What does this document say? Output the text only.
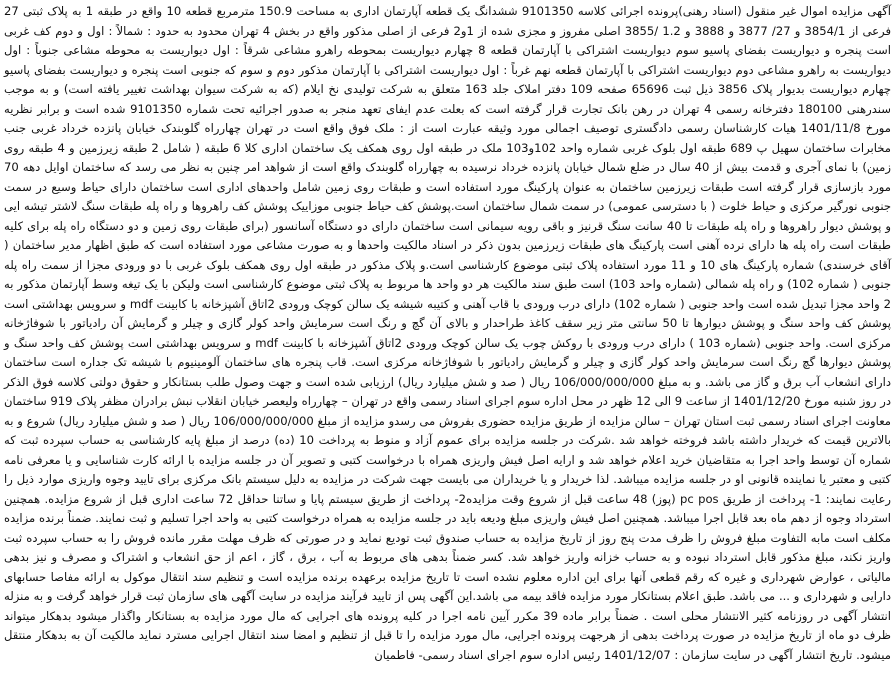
آگهی مزایده اموال غیر منقول (اسناد رهنی)پرونده اجرائی کلاسه 9101350 ششدانگ یک قطعه آپارتمان اداری به مساحت 150.9 مترمربع قطعه 10 واقع در طبقه 1 به پلاک ثبتی 27 فرعی از 3854/1 و 27/ 3877 و 3888 و 1.2 /3855 اصلی مفروز و مجزی شده از 1و2 فرعی از اصلی مذکور واقع در بخش 4 تهران محدود به حدود : شمالاً : اول و دوم کف غربی است پنجره و دیواریست بفضای پاسیو سوم دیواریست اشتراکی با آپارتمان قطعه 8 چهارم دیواریست بمحوطه راهرو مشاعی شرقاً : اول دیواریست به محوطه مشاعی جنوباً : اول دیواریست به راهرو مشاعی دوم دیواریست اشتراکی با آپارتمان قطعه نهم غرباً : اول دیواریست اشتراکی با آپارتمان مذکور دوم و سوم که جنوبی است پنجره و دیواریست بفضای پاسیو چهارم دیواریست بدیوار پلاک 3856 ذیل ثبت 65696 صفحه 109 دفتر املاک جلد 163 متعلق به شرکت تولیدی نخ ایلام (که به شرکت سیوان بهداشت تغییر یافته است) و به موجب سندرهنی 180100 دفترخانه رسمی 4 تهران در رهن بانک تجارت قرار گرفته است که بعلت عدم ایفای تعهد منجر به صدور اجرائیه تحت شماره 9101350 شده است و برابر نظریه مورخ 1401/11/8 هیات کارشناسان رسمی دادگستری توصیف اجمالی مورد وثیقه عبارت است از : ملک فوق واقع است در تهران چهارراه گلوبندک خیابان پانزده خرداد غربی جنب مخابرات ساختمان سهیل پ 689 طبقه اول بلوک غربی شماره واحد 102و103 ملک در طبقه اول روی همکف یک ساختمان اداری کلا 6 طبقه ( شامل 2 طبقه زیرزمین و 4 طبقه روی زمین) با نمای آجری و قدمت بیش از 40 سال در ضلع شمال خیابان پانزده خرداد نرسیده به چهارراه گلوبندک واقع است از شواهد امر چنین به نظر می رسد که ساختمان اوایل دهه 70 مورد بازسازی قرار گرفته است طبقات زیرزمین ساختمان به عنوان پارکینگ مورد استفاده است و طبقات روی زمین شامل واحدهای اداری است ساختمان دارای حیاط وسیع در سمت جنوبی نورگیر مرکزی و حیاط خلوت ( با دسترسی عمومی) در سمت شمال ساختمان است.پوشش کف حیاط جنوبی موزاییک پوشش کف راهروها و راه پله طبقات سنگ لاشتر تیشه ایی و پوشش دیوار راهروها و راه پله طبقات تا 40 سانت سنگ قرنیز و باقی رویه سیمانی است ساختمان دارای دو دستگاه آسانسور (برای طبقات روی زمین و دو دستگاه راه پله برای کلیه طبقات است راه پله ها دارای نرده آهنی است پارکینگ های طبقات زیرزمین بدون ذکر در اسناد مالکیت واحدها و به صورت مشاعی مورد استفاده است که طبق اظهار مدیر ساختمان ( آقای خرسندی) شماره پارکینگ های 10 و 11 مورد استفاده پلاک ثبتی موضوع کارشناسی است.و پلاک مذکور در طبقه اول روی همکف بلوک غربی با دو ورودی مجزا از سمت راه پله جنوبی ( شماره 102) و راه پله شمالی (شماره واحد 103) است طبق سند مالکیت هر دو واحد ها مربوط به پلاک ثبتی موضوع کارشناسی است ولیکن با یک تیغه وسط آپارتمان مذکور به 2 واحد مجزا تبدیل شده است واحد جنوبی ( شماره 102) دارای درب ورودی با قاب آهنی و کتیبه شیشه یک سالن کوچک ورودی 2اتاق آشپزخانه با کابینت mdf و سرویس بهداشتی است پوشش کف واحد سنگ و پوشش دیوارها تا 50 سانتی متر زیر سقف کاغذ طراحدار و بالای آن گچ و رنگ است سرمایش واحد کولر گازی و چیلر و گرمایش آن رادیاتور با شوفاژخانه مرکزی است. واحد جنوبی (شماره 103 ) دارای درب ورودی با روکش چوب یک سالن کوچک ورودی 2اتاق آشپزخانه با کابینت mdf و سرویس بهداشتی است پوشش کف واحد سنگ و پوشش دیوارها گچ رنگ است سرمایش واحد کولر گازی و چیلر و گرمایش رادیاتور با شوفاژخانه مرکزی است. قاب پنجره های ساختمان آلومینیوم با شیشه تک جداره است ساختمان دارای انشعاب آب برق و گاز می باشد. و به مبلغ 106/000/000/000 ریال ( صد و شش میلیارد ریال) ارزیابی شده است و جهت وصول طلب بستانکار و حقوق دولتی کلاسه فوق الذکر در روز شنبه مورخ 1401/12/20 از ساعت 9 الی 12 ظهر در محل اداره سوم اجرای اسناد رسمی واقع در تهران – چهارراه ولیعصر خیابان انقلاب نبش برادران مظفر پلاک 919 ساختمان معاونت اجرای اسناد رسمی ثبت استان تهران – سالن مزایده از طریق مزایده حضوری بفروش می رسدو مزایده از مبلغ 106/000/000/000 ریال ( صد و شش میلیارد ریال) شروع و به بالاترین قیمت که خریدار داشته باشد فروخته خواهد شد .شرکت در جلسه مزایده برای عموم آزاد و منوط به پرداخت 10 (ده) درصد از مبلغ پایه کارشناسی به حساب سپرده ثبت که شماره آن توسط واحد اجرا به متقاضیان خرید اعلام خواهد شد و ارایه اصل فیش واریزی همراه با درخواست کتبی و تصویر آن در جلسه مزایده با ارائه کارت شناسایی و یا معرفی نامه کتبی و معتبر یا نماینده قانونی او در جلسه مزایده میباشد. لذا خریدار و یا خریداران می بایست جهت شرکت در مزایده به دلیل سیستم بانک مرکزی برای تایید وجوه واریزی موارد ذیل را رعایت نمایند: 1- پرداخت از طریق pc pos (پوز) 48 ساعت قبل از شروع وقت مزایده2- پرداخت از طریق سیستم پایا و ساتنا حداقل 72 ساعت اداری قبل از شروع مزایده. همچنین استرداد وجوه از دهم ماه بعد قابل اجرا میباشد. همچنین اصل فیش واریزی مبلغ ودیعه باید در جلسه مزایده به همراه درخواست کتبی به واحد اجرا تسلیم و ثبت نمایند. ضمناً برنده مزایده مکلف است مابه التفاوت مبلغ فروش را ظرف مدت پنج روز از تاریخ مزایده به حساب صندوق ثبت تودیع نماید و در صورتی که ظرف مهلت مقرر مانده فروش را به حساب سپرده ثبت واریز نکند، مبلغ مذکور قابل استرداد نبوده و به حساب خزانه واریز خواهد شد. کسر ضمناً بدهی های مربوط به آب ، برق ، گاز ، اعم از حق انشعاب و اشتراک و مصرف و نیز بدهی مالیاتی ، عوارض شهرداری و غیره که رقم قطعی آنها برای این اداره معلوم نشده است تا تاریخ مزایده برعهده برنده مزایده است و تنظیم سند انتقال موکول به ارائه مفاصا حسابهای دارایی و شهرداری و ... می باشد. طبق اعلام بستانکار مورد مزایده فاقد بیمه می باشد.این آگهی پس از تایید فرآیند مزایده در سایت آگهی های سازمان ثبت قرار خواهد گرفت و به منزله انتشار آگهی در روزنامه کثیر الانتشار محلی است . ضمناً برابر ماده 39 مکرر آیین نامه اجرا در کلیه پرونده های اجرایی که مال مورد مزایده به بستانکار واگذار میشود بدهکار میتواند ظرف دو ماه از تاریخ مزایده در صورت پرداخت بدهی از هرجهت پرونده اجرایی، مال مورد مزایده را تا قبل از تنظیم و امضا سند انتقال اجرایی مسترد نماید مالکیت آن به بدهکار منتقل میشود. تاریخ انتشار آگهی در سایت سازمان : 1401/12/07 رئیس اداره سوم اجرای اسناد رسمی- فاطمیان
